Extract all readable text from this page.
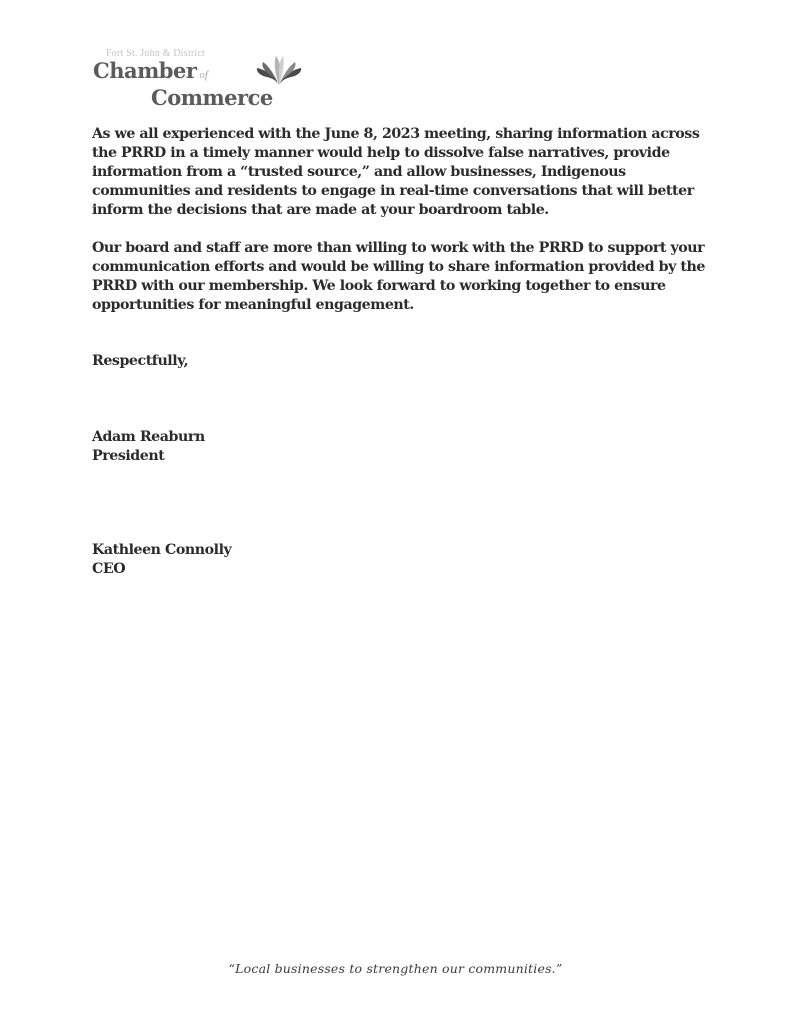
Fort St. John & District
Chamber of
Commerce
As we all experienced with the June 8, 2023 meeting, sharing information across
the PRRD in a timely manner would help to dissolve false narratives, provide
information from a “trusted source,” and allow businesses, Indigenous
communities and residents to engage in real-time conversations that will better
inform the decisions that are made at your boardroom table.
Our board and staff are more than willing to work with the PRRD to support your
communication efforts and would be willing to share information provided by the
PRRD with our membership. We look forward to working together to ensure
opportunities for meaningful engagement.
Respectfully,
Adam Reaburn
President
Kathleen Connolly
CEO
“Local businesses to strengthen our communities.”
